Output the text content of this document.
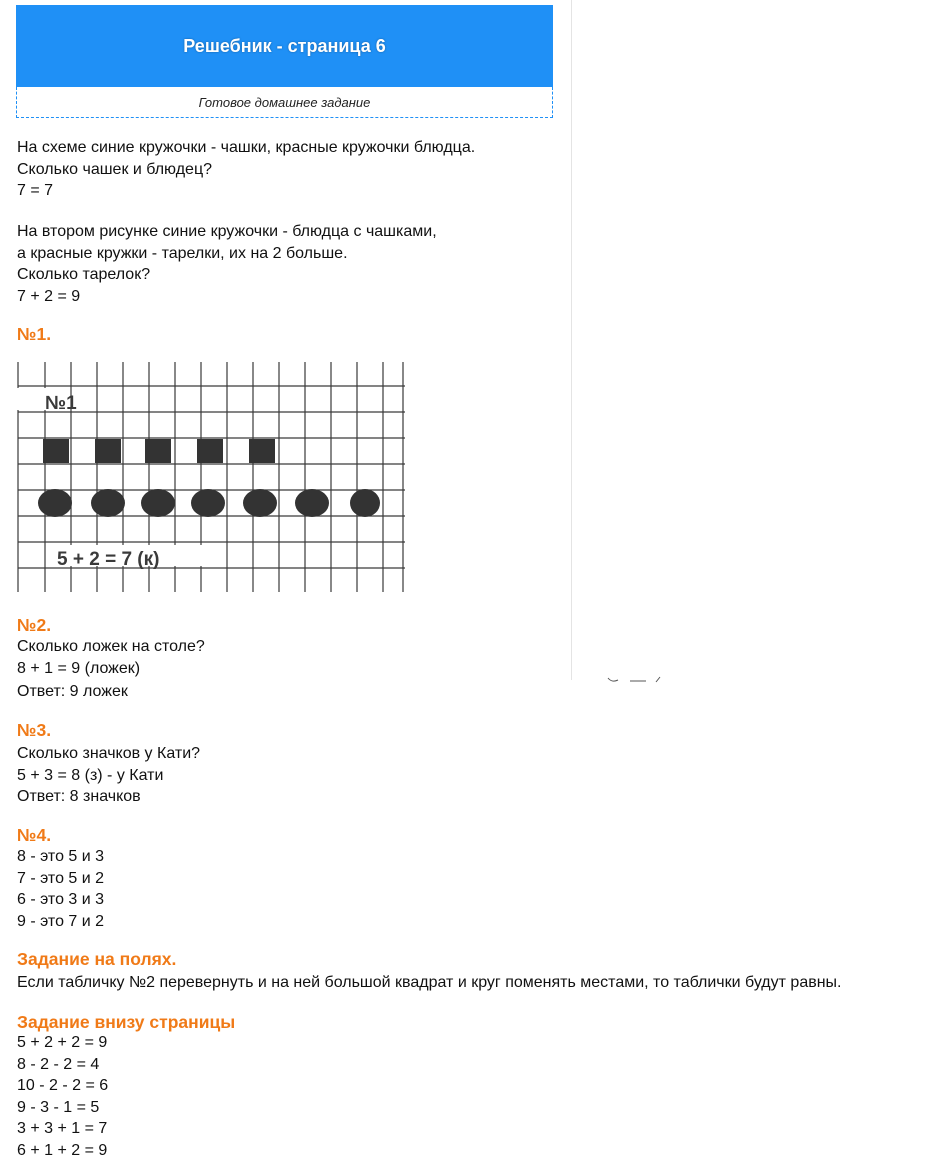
Решебник - страница 6
Готовое домашнее задание
На схеме синие кружочки - чашки, красные кружочки блюдца.
Сколько чашек и блюдец?
7 = 7
На втором рисунке синие кружочки - блюдца с чашками,
а красные кружки - тарелки, их на 2 больше.
Сколько тарелок?
7 + 2 = 9
№1.
№1
5 + 2 = 7 (к)
№2.
Сколько ложек на столе?
8 + 1 = 9 (ложек)
Ответ: 9 ложек
№3.
Сколько значков у Кати?
5 + 3 = 8 (з) - у Кати
Ответ: 8 значков
№4.
8 - это 5 и 3
7 - это 5 и 2
6 - это 3 и 3
9 - это 7 и 2
Задание на полях.
Если табличку №2 перевернуть и на ней большой квадрат и круг поменять местами, то таблички будут равны.
Задание внизу страницы
5 + 2 + 2 = 9
8 - 2 - 2 = 4
10 - 2 - 2 = 6
9 - 3 - 1 = 5
3 + 3 + 1 = 7
6 + 1 + 2 = 9
